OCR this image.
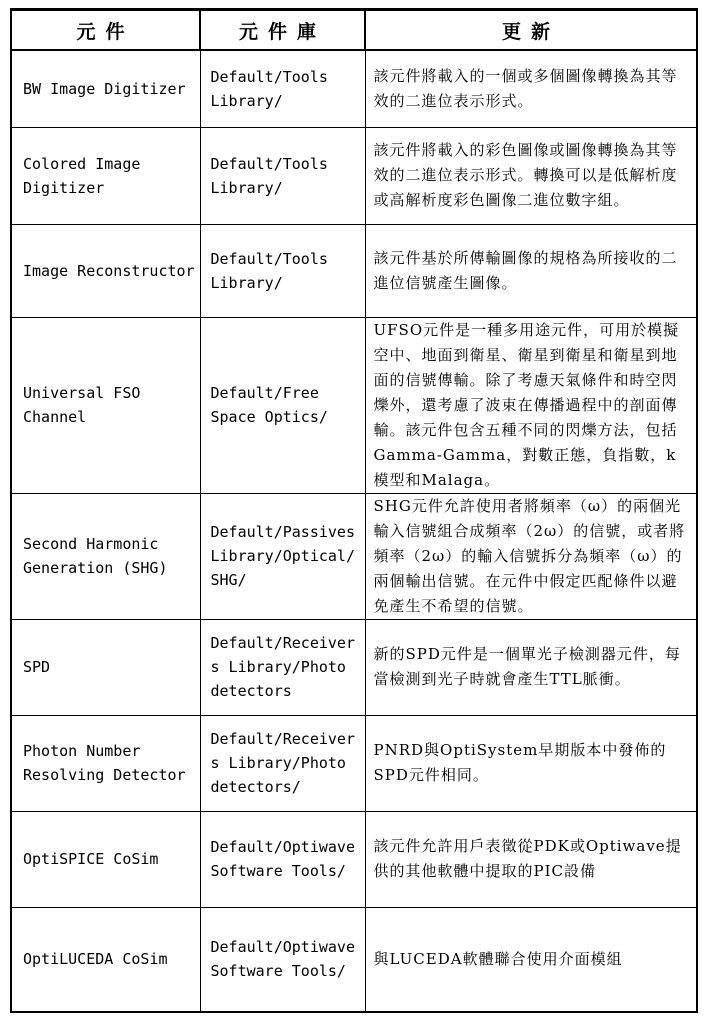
元件	元件庫	更新
BW Image Digitizer	Default/Tools Library/	該元件將載入的一個或多個圖像轉換為其等效的二進位表示形式。
Colored Image Digitizer	Default/Tools Library/	該元件將載入的彩色圖像或圖像轉換為其等效的二進位表示形式。轉換可以是低解析度或高解析度彩色圖像二進位數字組。
Image Reconstructor	Default/Tools Library/	該元件基於所傳輸圖像的規格為所接收的二進位信號產生圖像。
Universal FSO Channel	Default/Free Space Optics/	UFSO元件是一種多用途元件，可用於模擬空中、地面到衛星、衛星到衛星和衛星到地面的信號傳輸。除了考慮天氣條件和時空閃爍外，還考慮了波束在傳播過程中的剖面傳輸。該元件包含五種不同的閃爍方法，包括Gamma-Gamma，對數正態，負指數，k模型和Malaga。
Second Harmonic Generation (SHG)	Default/Passives Library/Optical/ SHG/	SHG元件允許使用者將頻率（ω）的兩個光輸入信號組合成頻率（2ω）的信號，或者將頻率（2ω）的輸入信號拆分為頻率（ω）的兩個輸出信號。在元件中假定匹配條件以避免產生不希望的信號。
SPD	Default/Receivers Library/Photo detectors	新的SPD元件是一個單光子檢測器元件，每當檢測到光子時就會產生TTL脈衝。
Photon Number Resolving Detector	Default/Receivers Library/Photo detectors/	PNRD與OptiSystem早期版本中發佈的SPD元件相同。
OptiSPICE CoSim	Default/Optiwave Software Tools/	該元件允許用戶表徵從PDK或Optiwave提供的其他軟體中提取的PIC設備
OptiLUCEDA CoSim	Default/Optiwave Software Tools/	與LUCEDA軟體聯合使用介面模組
